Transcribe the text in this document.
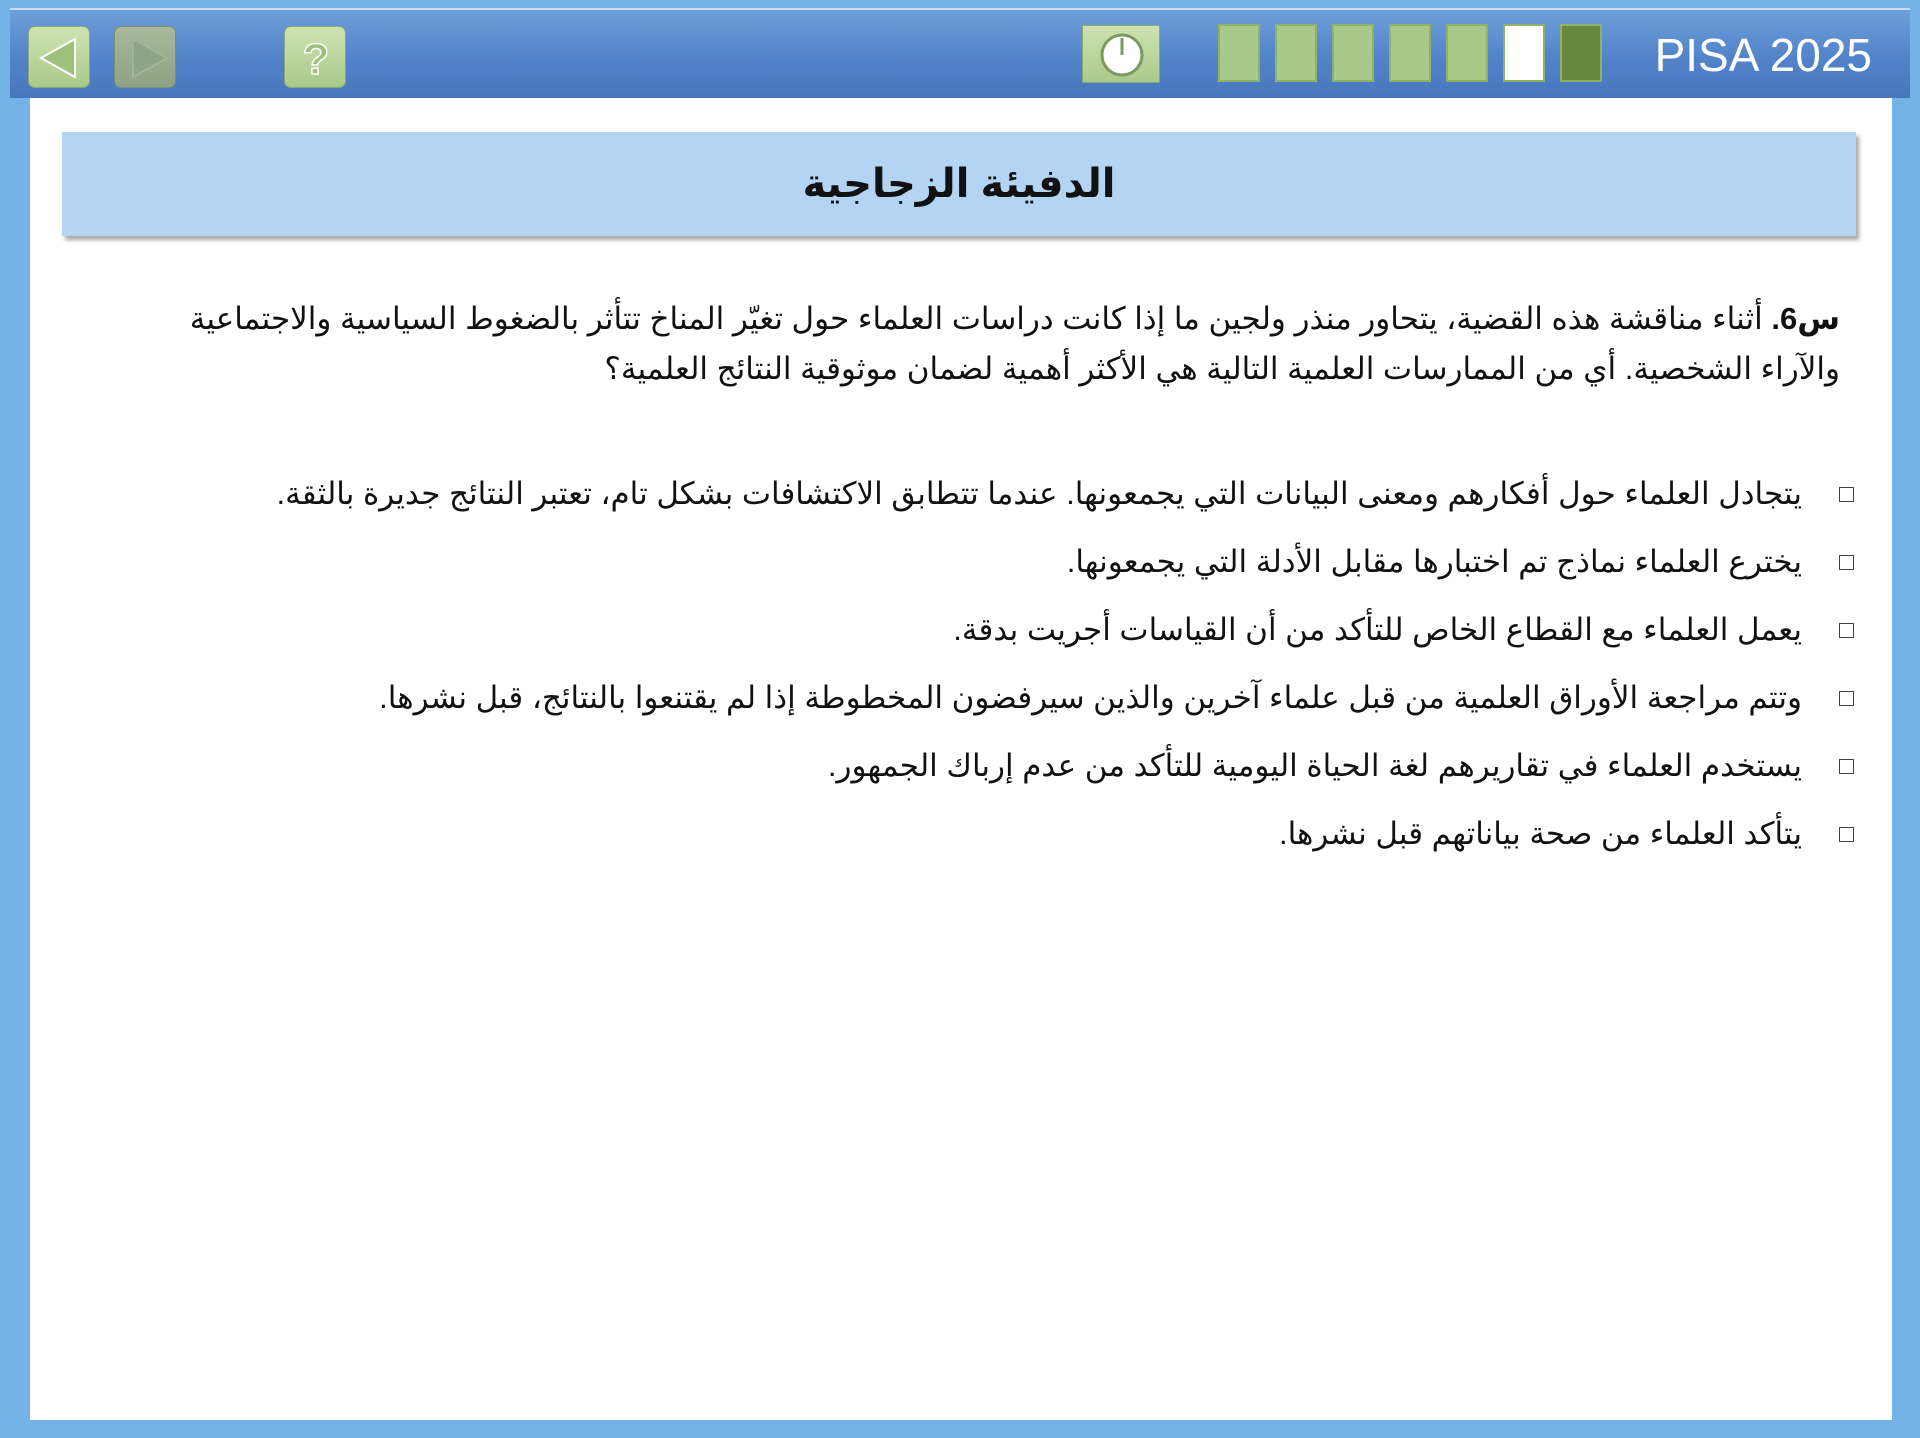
?	PISA 2025
الدفيئة الزجاجية
س6. أثناء مناقشة هذه القضية، يتحاور منذر ولجين ما إذا كانت دراسات العلماء حول تغيّر المناخ تتأثر بالضغوط السياسية والاجتماعية والآراء الشخصية. أي من الممارسات العلمية التالية هي الأكثر أهمية لضمان موثوقية النتائج العلمية؟
يتجادل العلماء حول أفكارهم ومعنى البيانات التي يجمعونها. عندما تتطابق الاكتشافات بشكل تام، تعتبر النتائج جديرة بالثقة.
يخترع العلماء نماذج تم اختبارها مقابل الأدلة التي يجمعونها.
يعمل العلماء مع القطاع الخاص للتأكد من أن القياسات أجريت بدقة.
وتتم مراجعة الأوراق العلمية من قبل علماء آخرين والذين سيرفضون المخطوطة إذا لم يقتنعوا بالنتائج، قبل نشرها.
يستخدم العلماء في تقاريرهم لغة الحياة اليومية للتأكد من عدم إرباك الجمهور.
يتأكد العلماء من صحة بياناتهم قبل نشرها.
